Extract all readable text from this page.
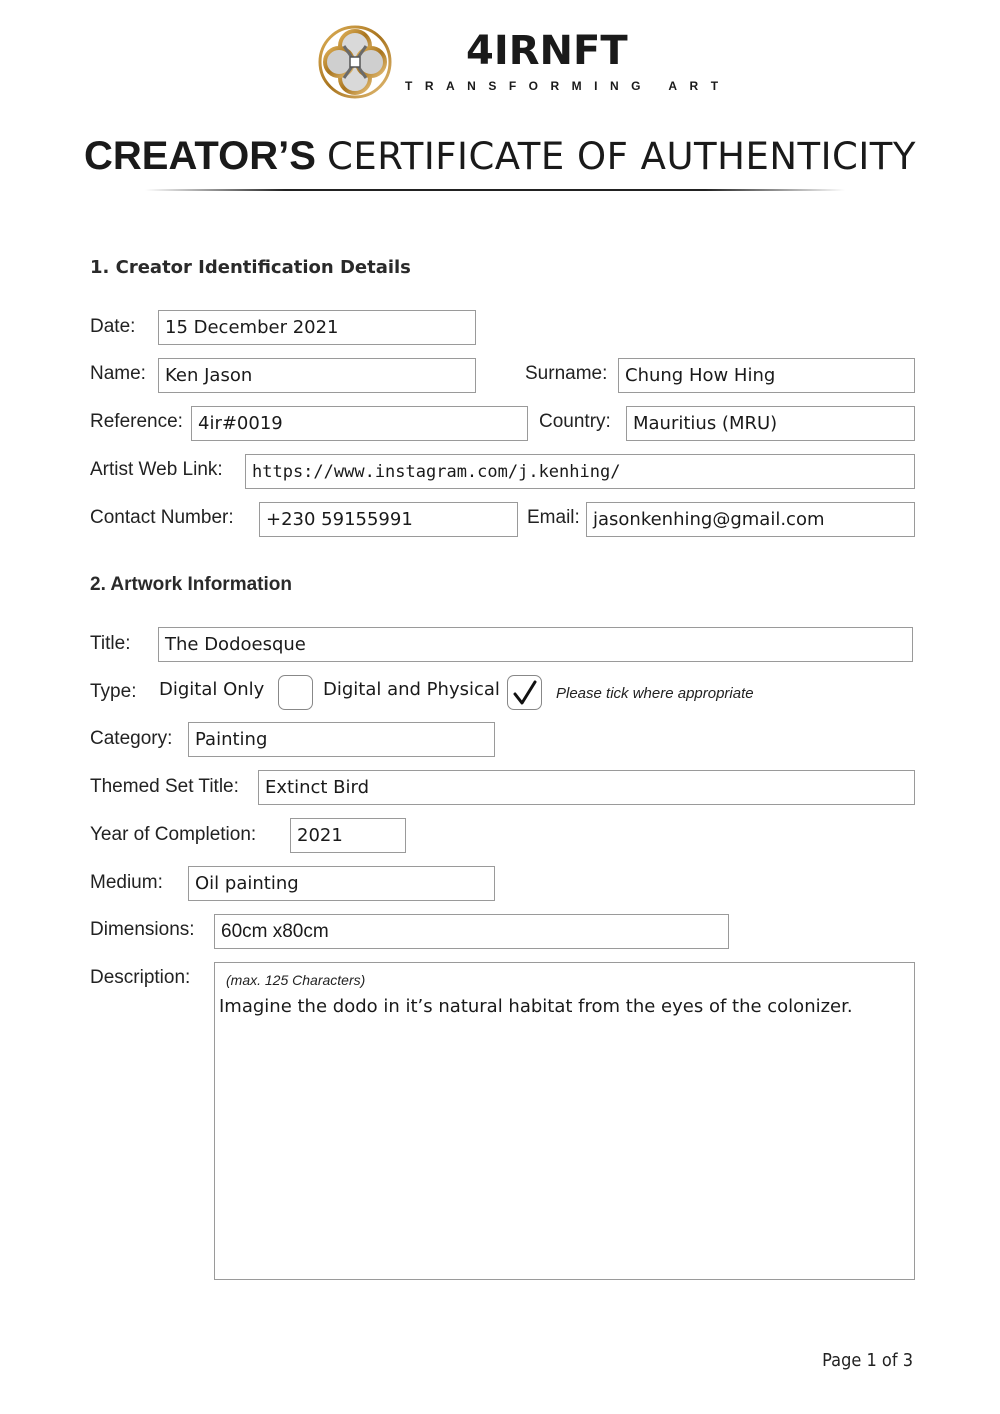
4IRNFT
TRANSFORMING ART
CREATOR’S CERTIFICATE OF AUTHENTICITY
1. Creator Identification Details
Date:	15 December 2021
Name:	Ken Jason	Surname: Chung How Hing
Reference: 4ir#0019	Country:	Mauritius (MRU)
Artist Web Link:	https://www.instagram.com/j.kenhing/
Contact Number:	+230 59155991	Email: jasonkenhing@gmail.com
2. Artwork Information
Title:	The Dodoesque
Type: Digital Only	Digital and Physical	Please tick where appropriate
Category:	Painting
Themed Set Title:	Extinct Bird
Year of Completion:	2021
Medium:	Oil painting
Dimensions:	60cm x80cm
Description:	(max. 125 Characters)
Imagine the dodo in it’s natural habitat from the eyes of the colonizer.
Page 1 of 3
